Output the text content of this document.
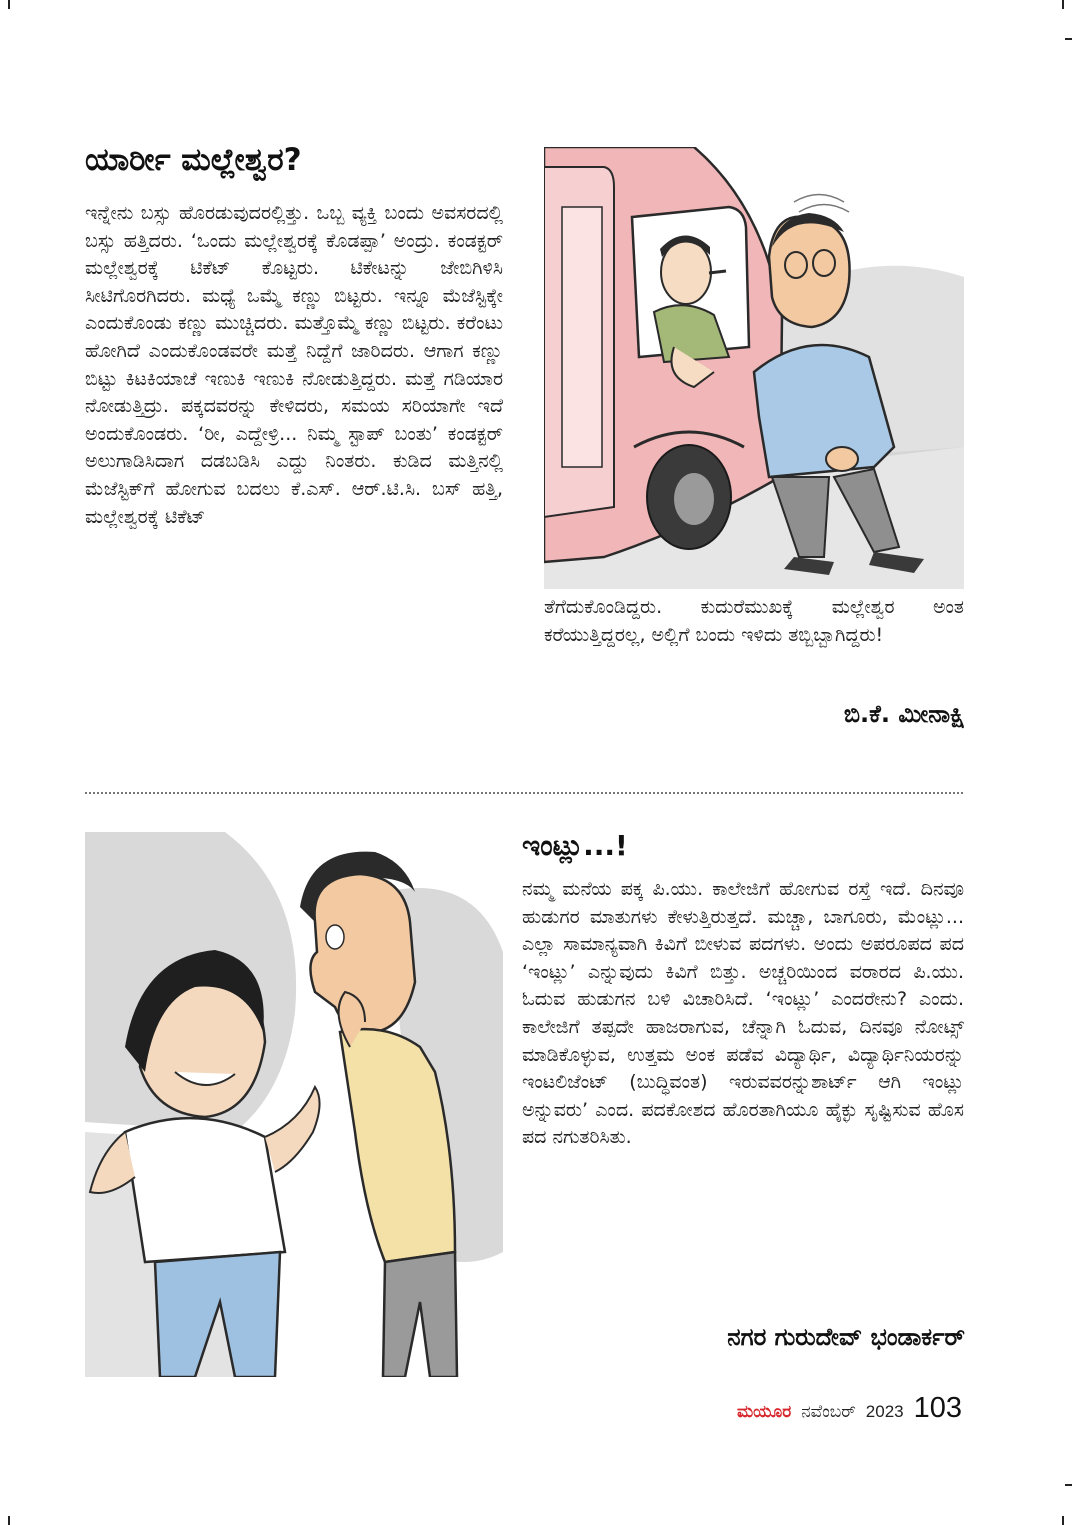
ಯಾರ್ರೀ ಮಲ್ಲೇಶ್ವರ?

ಇನ್ನೇನು ಬಸ್ಸು ಹೊರಡುವುದರಲ್ಲಿತ್ತು. ಒಬ್ಬ ವ್ಯಕ್ತಿ ಬಂದು ಅವಸರದಲ್ಲಿ ಬಸ್ಸು ಹತ್ತಿದರು. ‘ಒಂದು ಮಲ್ಲೇಶ್ವರಕ್ಕೆ ಕೊಡಪ್ಪಾ’ ಅಂದ್ರು. ಕಂಡಕ್ಟರ್ ಮಲ್ಲೇಶ್ವರಕ್ಕೆ ಟಿಕೆಟ್ ಕೊಟ್ಟರು. ಟಿಕೇಟನ್ನು ಜೇಬಿಗಿಳಿಸಿ ಸೀಟಿಗೊರಗಿದರು. ಮಧ್ಯೆ ಒಮ್ಮೆ ಕಣ್ಣು ಬಿಟ್ಟರು. ಇನ್ನೂ ಮೆಜೆಸ್ಟಿಕ್ಕೇ ಎಂದುಕೊಂಡು ಕಣ್ಣು ಮುಚ್ಚಿದರು. ಮತ್ತೊಮ್ಮೆ ಕಣ್ಣು ಬಿಟ್ಟರು. ಕರೆಂಟು ಹೋಗಿದೆ ಎಂದುಕೊಂಡವರೇ ಮತ್ತೆ ನಿದ್ದೆಗೆ ಜಾರಿದರು. ಆಗಾಗ ಕಣ್ಣು ಬಿಟ್ಟು ಕಿಟಕಿಯಾಚೆ ಇಣುಕಿ ಇಣುಕಿ ನೋಡುತ್ತಿದ್ದರು. ಮತ್ತೆ ಗಡಿಯಾರ ನೋಡುತ್ತಿದ್ರು. ಪಕ್ಕದವರನ್ನು ಕೇಳಿದರು, ಸಮಯ ಸರಿಯಾಗೇ ಇದೆ ಅಂದುಕೊಂಡರು. ‘ರೀ, ಎದ್ದೇಳ್ರಿ... ನಿಮ್ಮ ಸ್ಟಾಪ್ ಬಂತು’ ಕಂಡಕ್ಟರ್ ಅಲುಗಾಡಿಸಿದಾಗ ದಡಬಡಿಸಿ ಎದ್ದು ನಿಂತರು. ಕುಡಿದ ಮತ್ತಿನಲ್ಲಿ ಮೆಜೆಸ್ಟಿಕ್‌ಗೆ ಹೋಗುವ ಬದಲು ಕೆ.ಎಸ್. ಆರ್.ಟಿ.ಸಿ. ಬಸ್ ಹತ್ತಿ, ಮಲ್ಲೇಶ್ವರಕ್ಕೆ ಟಿಕೆಟ್

ತೆಗೆದುಕೊಂಡಿದ್ದರು. ಕುದುರೆಮುಖಕ್ಕೆ ಮಲ್ಲೇಶ್ವರ ಅಂತ ಕರೆಯುತ್ತಿದ್ದರಲ್ಲ, ಅಲ್ಲಿಗೆ ಬಂದು ಇಳಿದು ತಬ್ಬಿಬ್ಬಾಗಿದ್ದರು!

ಬಿ.ಕೆ. ಮೀನಾಕ್ಷಿ

ಇಂಟ್ಲು...!

ನಮ್ಮ ಮನೆಯ ಪಕ್ಕ ಪಿ.ಯು. ಕಾಲೇಜಿಗೆ ಹೋಗುವ ರಸ್ತೆ ಇದೆ. ದಿನವೂ ಹುಡುಗರ ಮಾತುಗಳು ಕೇಳುತ್ತಿರುತ್ತದೆ. ಮಚ್ಚಾ, ಬಾಗೂರು, ಮೆಂಟ್ಲು... ಎಲ್ಲಾ ಸಾಮಾನ್ಯವಾಗಿ ಕಿವಿಗೆ ಬೀಳುವ ಪದಗಳು. ಅಂದು ಅಪರೂಪದ ಪದ ‘ಇಂಟ್ಲು’ ಎನ್ನುವುದು ಕಿವಿಗೆ ಬಿತ್ತು. ಅಚ್ಚರಿಯಿಂದ ವರಾರದ ಪಿ.ಯು. ಓದುವ ಹುಡುಗನ ಬಳಿ ವಿಚಾರಿಸಿದೆ. ‘ಇಂಟ್ಲು’ ಎಂದರೇನು? ಎಂದು. ಕಾಲೇಜಿಗೆ ತಪ್ಪದೇ ಹಾಜರಾಗುವ, ಚೆನ್ನಾಗಿ ಓದುವ, ದಿನವೂ ನೋಟ್ಸ್ ಮಾಡಿಕೊಳ್ಳುವ, ಉತ್ತಮ ಅಂಕ ಪಡೆವ ವಿದ್ಯಾರ್ಥಿ, ವಿದ್ಯಾರ್ಥಿನಿಯರನ್ನು ಇಂಟಲಿಜೆಂಟ್ (ಬುದ್ಧಿವಂತ) ಇರುವವರನ್ನುಶಾರ್ಟ್ ಆಗಿ ಇಂಟ್ಲು ಅನ್ನುವರು’ ಎಂದ. ಪದಕೋಶದ ಹೊರತಾಗಿಯೂ ಹೈಕ್ಳು ಸೃಷ್ಟಿಸುವ ಹೊಸ ಪದ ನಗುತರಿಸಿತು.

ನಗರ ಗುರುದೇವ್ ಭಂಡಾರ್ಕರ್

ಮಯೂರ ನವೆಂಬರ್ 2023 103
